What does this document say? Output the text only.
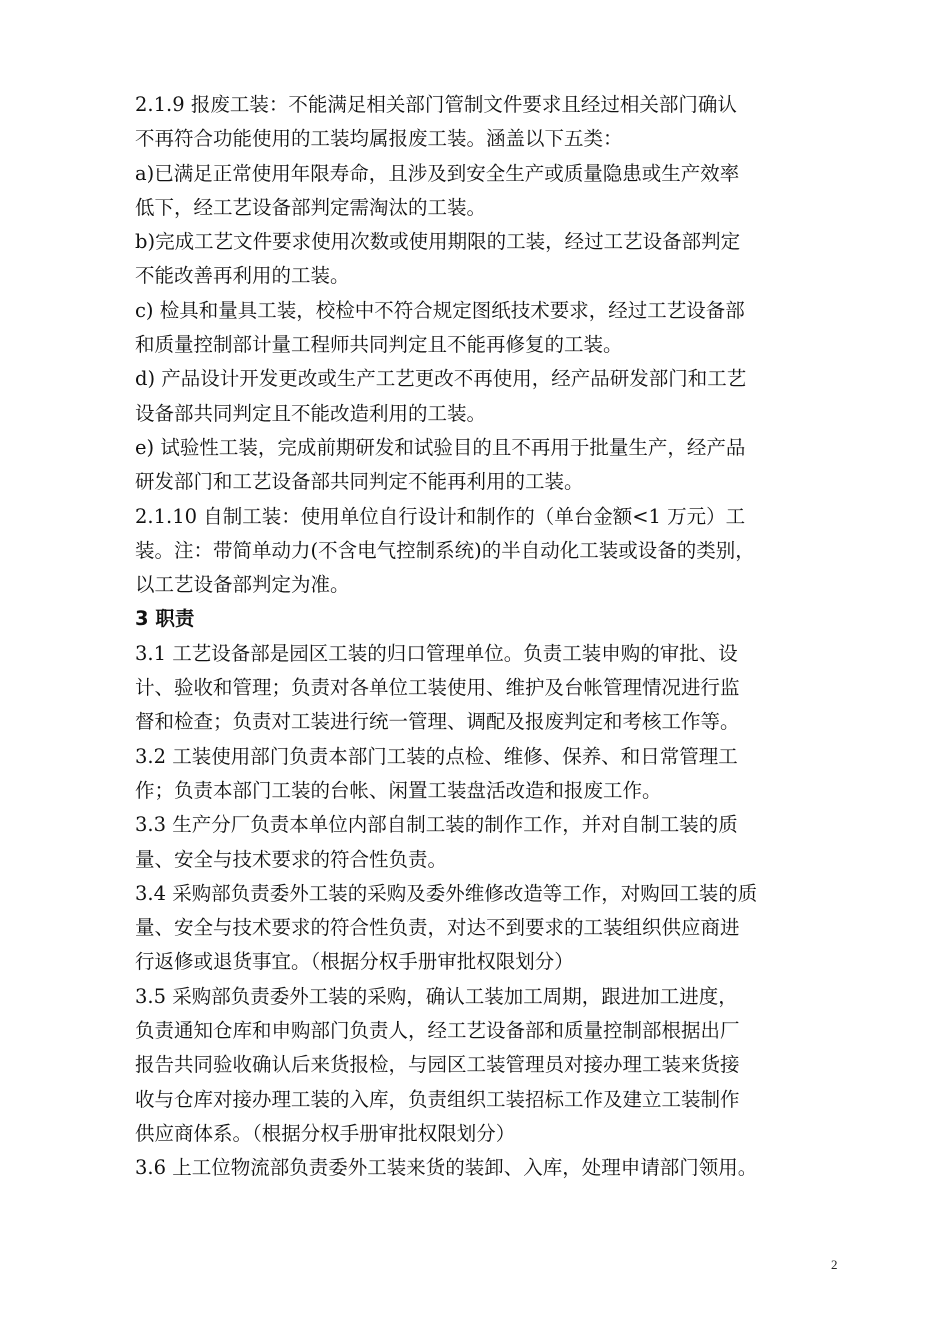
2.1.9 报废工装：不能满足相关部门管制文件要求且经过相关部门确认
不再符合功能使用的工装均属报废工装。涵盖以下五类：

a)已满足正常使用年限寿命，且涉及到安全生产或质量隐患或生产效率
低下，经工艺设备部判定需淘汰的工装。

b)完成工艺文件要求使用次数或使用期限的工装，经过工艺设备部判定
不能改善再利用的工装。

c) 检具和量具工装，校检中不符合规定图纸技术要求，经过工艺设备部
和质量控制部计量工程师共同判定且不能再修复的工装。

d) 产品设计开发更改或生产工艺更改不再使用，经产品研发部门和工艺
设备部共同判定且不能改造利用的工装。

e) 试验性工装，完成前期研发和试验目的且不再用于批量生产，经产品
研发部门和工艺设备部共同判定不能再利用的工装。

2.1.10 自制工装：使用单位自行设计和制作的（单台金额<1 万元）工
装。注：带简单动力(不含电气控制系统)的半自动化工装或设备的类别，
以工艺设备部判定为准。

3 职责

3.1 工艺设备部是园区工装的归口管理单位。负责工装申购的审批、设
计、验收和管理；负责对各单位工装使用、维护及台帐管理情况进行监
督和检查；负责对工装进行统一管理、调配及报废判定和考核工作等。

3.2 工装使用部门负责本部门工装的点检、维修、保养、和日常管理工
作；负责本部门工装的台帐、闲置工装盘活改造和报废工作。

3.3 生产分厂负责本单位内部自制工装的制作工作，并对自制工装的质
量、安全与技术要求的符合性负责。

3.4 采购部负责委外工装的采购及委外维修改造等工作，对购回工装的质
量、安全与技术要求的符合性负责，对达不到要求的工装组织供应商进
行返修或退货事宜。（根据分权手册审批权限划分）

3.5 采购部负责委外工装的采购，确认工装加工周期，跟进加工进度，
负责通知仓库和申购部门负责人，经工艺设备部和质量控制部根据出厂
报告共同验收确认后来货报检，与园区工装管理员对接办理工装来货接
收与仓库对接办理工装的入库，负责组织工装招标工作及建立工装制作
供应商体系。（根据分权手册审批权限划分）

3.6 上工位物流部负责委外工装来货的装卸、入库，处理申请部门领用。

2
